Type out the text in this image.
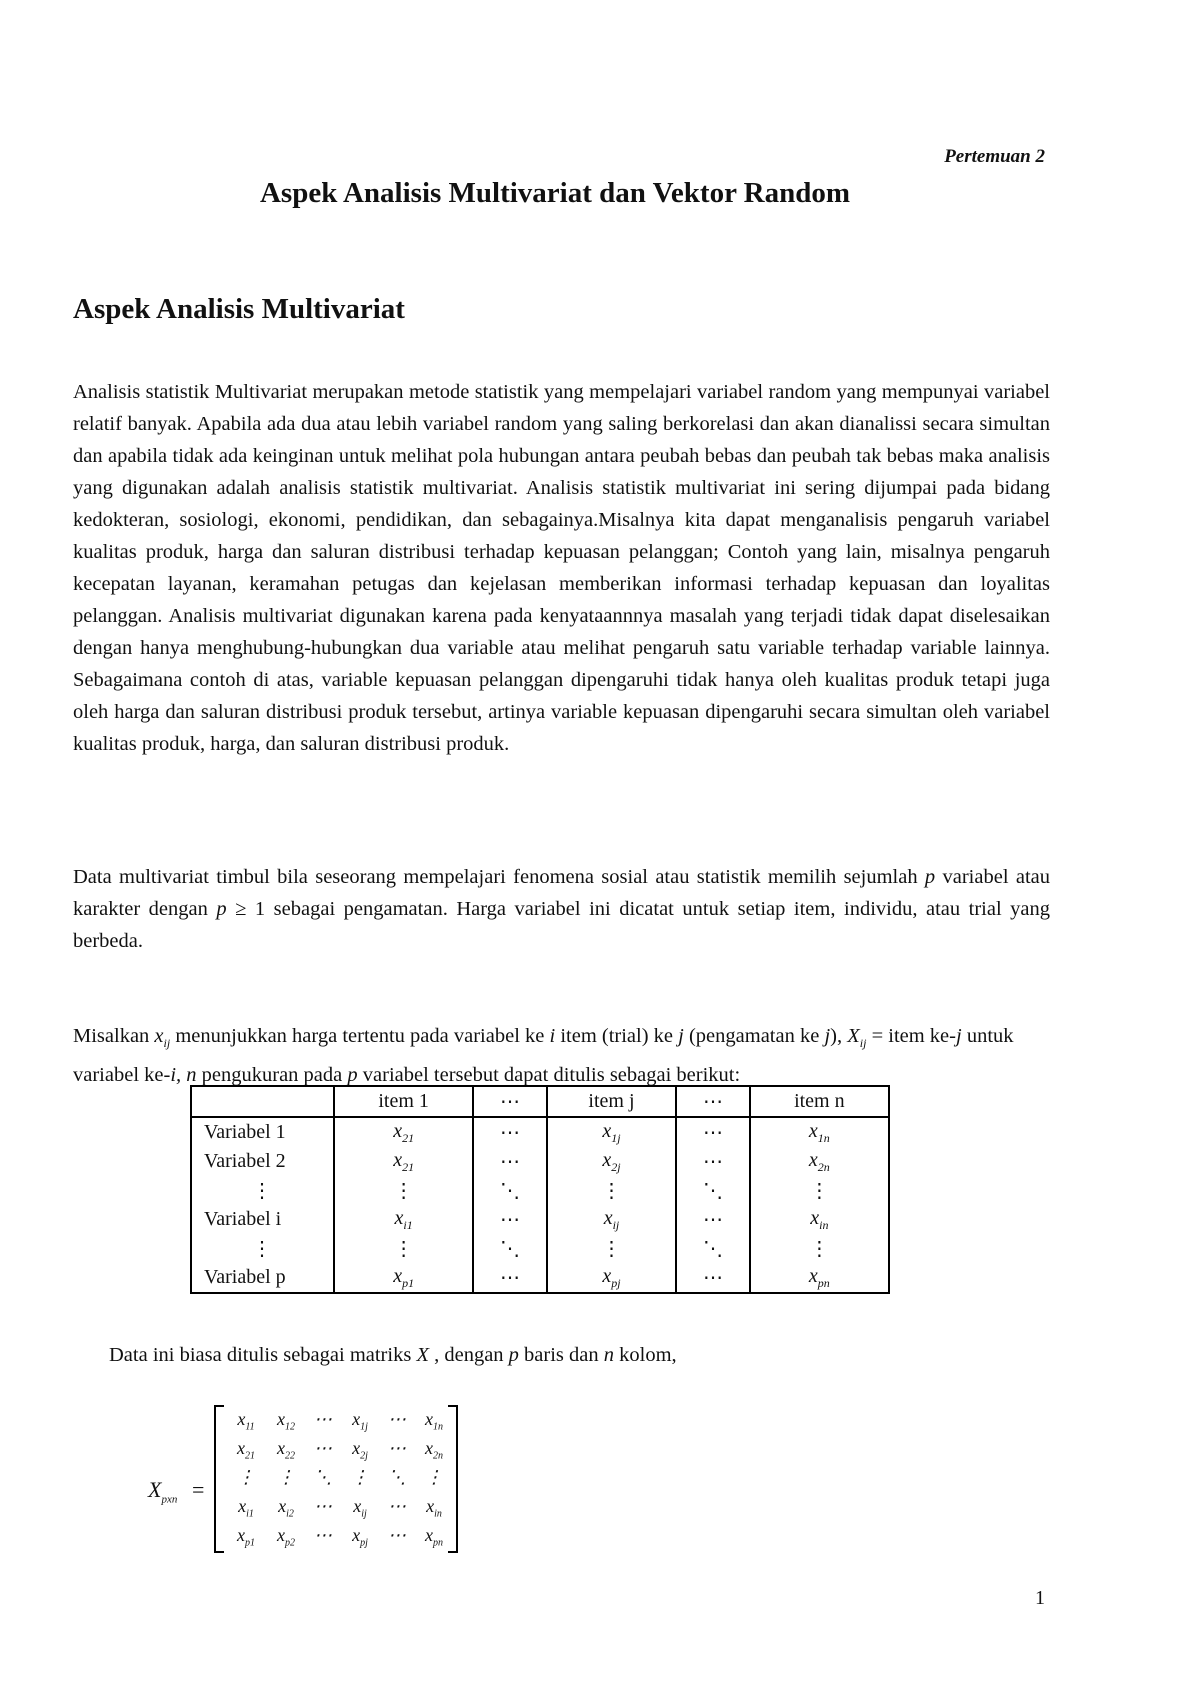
Pertemuan 2
Aspek Analisis Multivariat dan Vektor Random
Aspek Analisis Multivariat

Analisis statistik Multivariat merupakan metode statistik yang mempelajari variabel random yang mempunyai variabel relatif banyak. Apabila ada dua atau lebih variabel random yang saling berkorelasi dan akan dianalissi secara simultan dan apabila tidak ada keinginan untuk melihat pola hubungan antara peubah bebas dan peubah tak bebas maka analisis yang digunakan adalah analisis statistik multivariat. Analisis statistik multivariat ini sering dijumpai pada bidang kedokteran, sosiologi, ekonomi, pendidikan, dan sebagainya.Misalnya kita dapat menganalisis pengaruh variabel kualitas produk, harga dan saluran distribusi terhadap kepuasan pelanggan; Contoh yang lain, misalnya pengaruh kecepatan layanan, keramahan petugas dan kejelasan memberikan informasi terhadap kepuasan dan loyalitas pelanggan. Analisis multivariat digunakan karena pada kenyataannnya masalah yang terjadi tidak dapat diselesaikan dengan hanya menghubung-hubungkan dua variable atau melihat pengaruh satu variable terhadap variable lainnya. Sebagaimana contoh di atas, variable kepuasan pelanggan dipengaruhi tidak hanya oleh kualitas produk tetapi juga oleh harga dan saluran distribusi produk tersebut, artinya variable kepuasan dipengaruhi secara simultan oleh variabel kualitas produk, harga, dan saluran distribusi produk.

Data multivariat timbul bila seseorang mempelajari fenomena sosial atau statistik memilih sejumlah p variabel atau karakter dengan p ≥ 1 sebagai pengamatan. Harga variabel ini dicatat untuk setiap item, individu, atau trial yang berbeda.

Misalkan $x_{ij}$ menunjukkan harga tertentu pada variabel ke i item (trial) ke j (pengamatan ke j), $X_{ij}$ = item ke-j untuk variabel ke-i, n pengukuran pada p variabel tersebut dapat ditulis sebagai berikut:

	item 1	⋯	item j	⋯	item n
Variabel 1	$x_{21}$	⋯	$x_{1j}$	⋯	$x_{1n}$
Variabel 2	$x_{21}$	⋯	$x_{2j}$	⋯	$x_{2n}$
⋮	⋮	⋱	⋮	⋱	⋮
Variabel i	$x_{i1}$	⋯	$x_{ij}$	⋯	$x_{in}$
⋮	⋮	⋱	⋮	⋱	⋮
Variabel p	$x_{p1}$	⋯	$x_{pj}$	⋯	$x_{pn}$

Data ini biasa ditulis sebagai matriks X , dengan p baris dan n kolom,

$X_{pxn}$ =
$x_{11}$	$x_{12}$	⋯	$x_{1j}$	⋯	$x_{1n}$
$x_{21}$	$x_{22}$	⋯	$x_{2j}$	⋯	$x_{2n}$
⋮	⋮	⋱	⋮	⋱	⋮
$x_{i1}$	$x_{i2}$	⋯	$x_{ij}$	⋯	$x_{in}$
$x_{p1}$	$x_{p2}$	⋯	$x_{pj}$	⋯	$x_{pn}$
1
